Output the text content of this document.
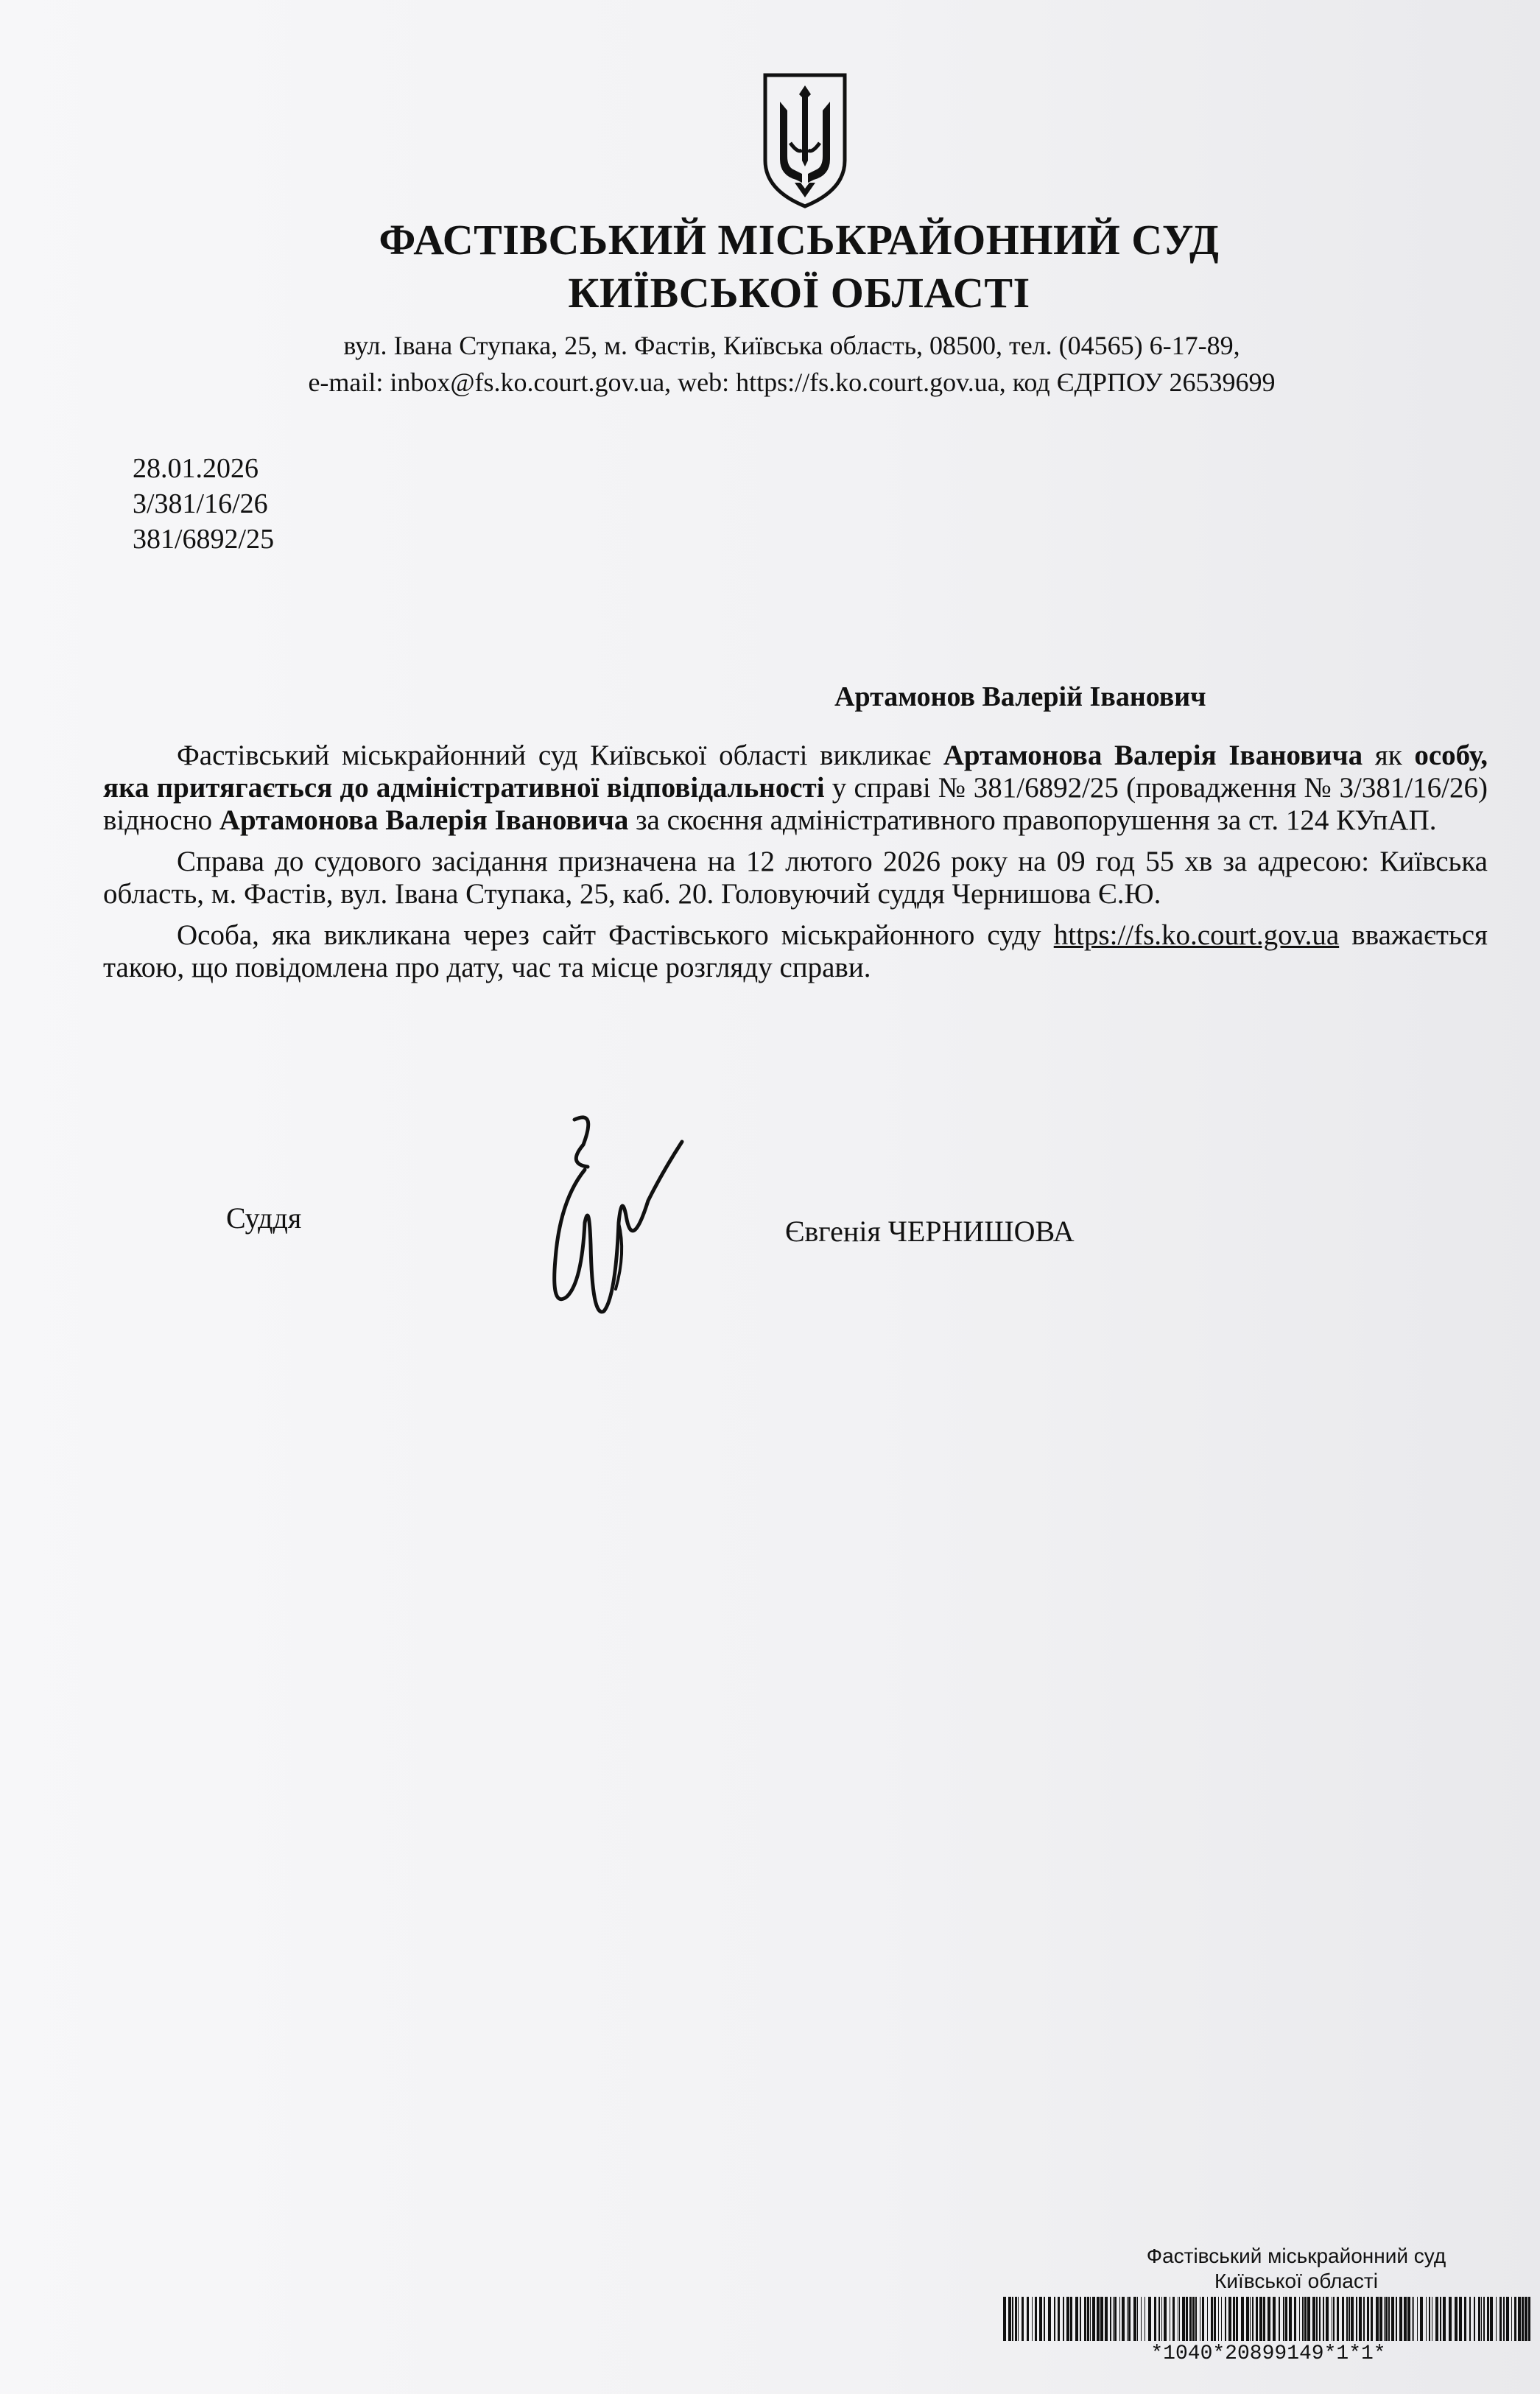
ФАСТІВСЬКИЙ МІСЬКРАЙОННИЙ СУД
КИЇВСЬКОЇ ОБЛАСТІ
вул. Івана Ступака, 25, м. Фастів, Київська область, 08500, тел. (04565) 6-17-89,
e-mail: inbox@fs.ko.court.gov.ua, web: https://fs.ko.court.gov.ua, код ЄДРПОУ 26539699
28.01.2026
3/381/16/26
381/6892/25
Артамонов Валерій Іванович

Фастівський міськрайонний суд Київської області викликає Артамонова Валерія Івановича як особу, яка притягається до адміністративної відповідальності у справі № 381/6892/25 (провадження № 3/381/16/26) відносно Артамонова Валерія Івановича за скоєння адміністративного правопорушення за ст. 124 КУпАП.

Справа до судового засідання призначена на 12 лютого 2026 року на 09 год 55 хв за адресою: Київська область, м. Фастів, вул. Івана Ступака, 25, каб. 20. Головуючий суддя Чернишова Є.Ю.

Особа, яка викликана через сайт Фастівського міськрайонного суду https://fs.ko.court.gov.ua вважається такою, що повідомлена про дату, час та місце розгляду справи.

Суддя	Євгенія ЧЕРНИШОВА
Фастівський міськрайонний суд
Київської області
*1040*20899149*1*1*
